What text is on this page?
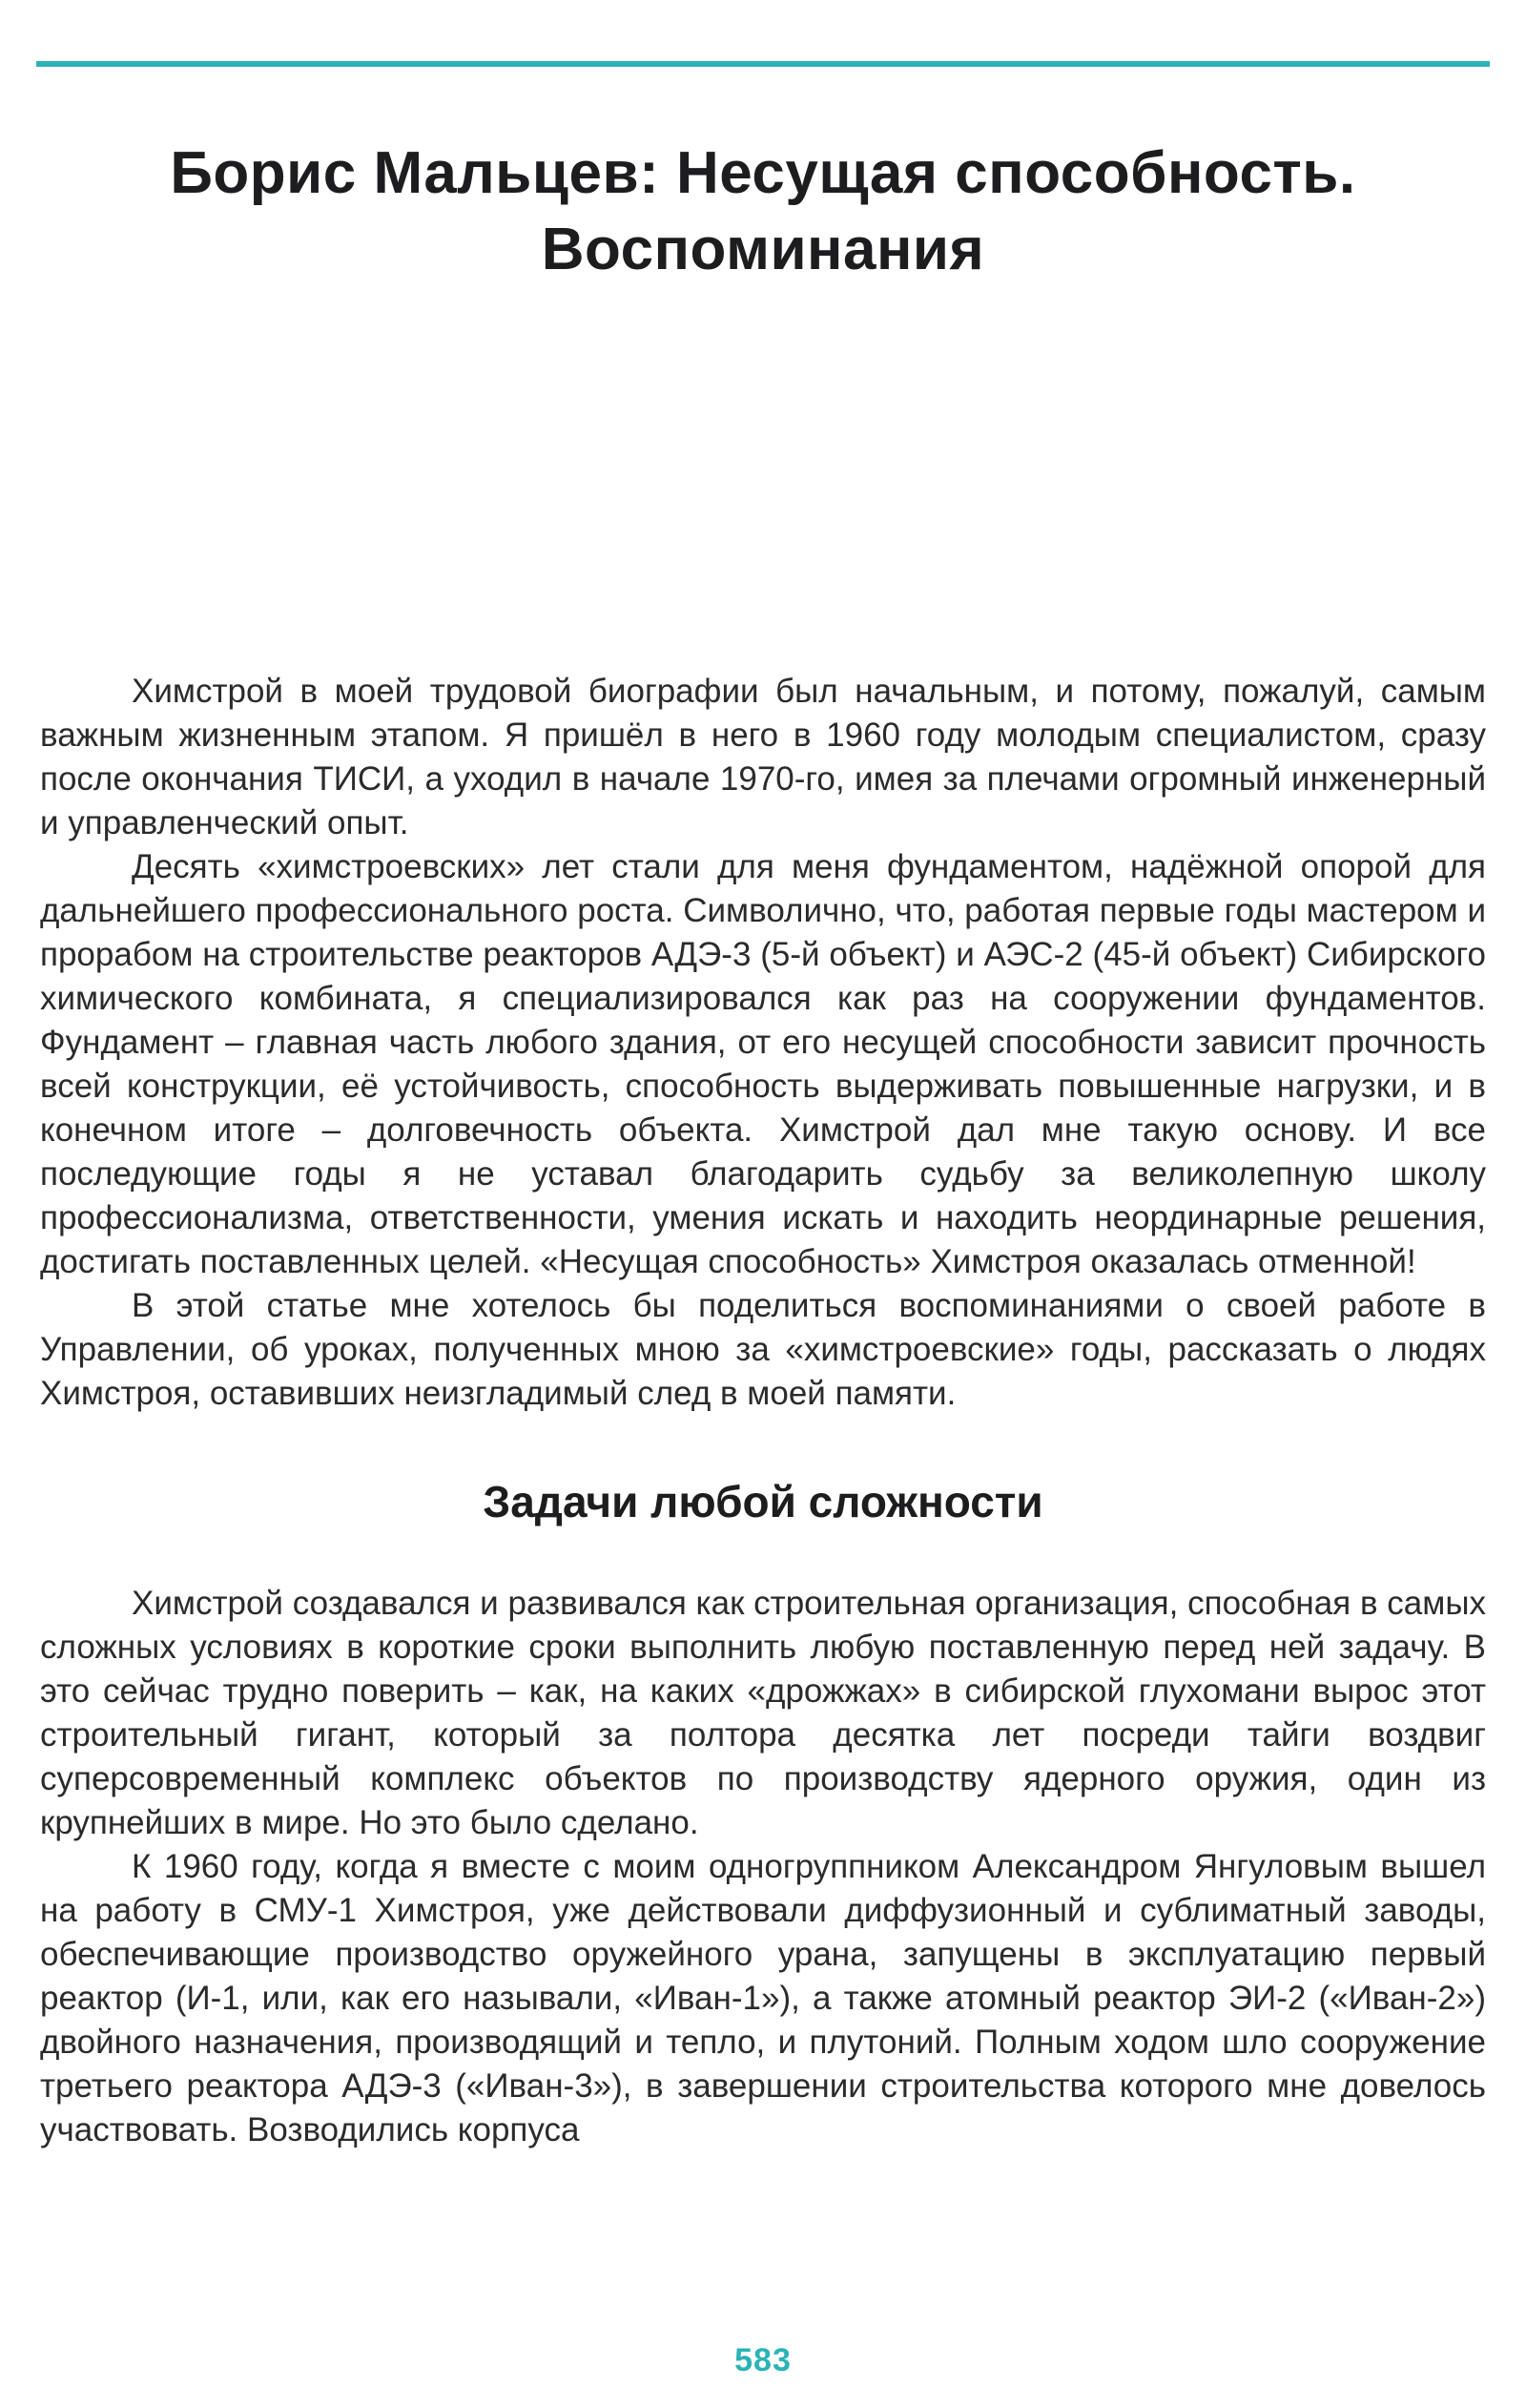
Борис Мальцев: Несущая способность.
Воспоминания

Химстрой в моей трудовой биографии был начальным, и потому, пожалуй, самым важным жизненным этапом. Я пришёл в него в 1960 году молодым специалистом, сразу после окончания ТИСИ, а уходил в начале 1970-го, имея за плечами огромный инженерный и управленческий опыт.

Десять «химстроевских» лет стали для меня фундаментом, надёжной опорой для дальнейшего профессионального роста. Символично, что, работая первые годы мастером и прорабом на строительстве реакторов АДЭ-3 (5-й объект) и АЭС-2 (45-й объект) Сибирского химического комбината, я специализировался как раз на сооружении фундаментов. Фундамент – главная часть любого здания, от его несущей способности зависит прочность всей конструкции, её устойчивость, способность выдерживать повышенные нагрузки, и в конечном итоге – долговечность объекта. Химстрой дал мне такую основу. И все последующие годы я не уставал благодарить судьбу за великолепную школу профессионализма, ответственности, умения искать и находить неординарные решения, достигать поставленных целей. «Несущая способность» Химстроя оказалась отменной!

В этой статье мне хотелось бы поделиться воспоминаниями о своей работе в Управлении, об уроках, полученных мною за «химстроевские» годы, рассказать о людях Химстроя, оставивших неизгладимый след в моей памяти.

Задачи любой сложности

Химстрой создавался и развивался как строительная организация, способная в самых сложных условиях в короткие сроки выполнить любую поставленную перед ней задачу. В это сейчас трудно поверить – как, на каких «дрожжах» в сибирской глухомани вырос этот строительный гигант, который за полтора десятка лет посреди тайги воздвиг суперсовременный комплекс объектов по производству ядерного оружия, один из крупнейших в мире. Но это было сделано.

К 1960 году, когда я вместе с моим одногруппником Александром Янгуловым вышел на работу в СМУ-1 Химстроя, уже действовали диффузионный и сублиматный заводы, обеспечивающие производство оружейного урана, запущены в эксплуатацию первый реактор (И-1, или, как его называли, «Иван-1»), а также атомный реактор ЭИ-2 («Иван-2») двойного назначения, производящий и тепло, и плутоний. Полным ходом шло сооружение третьего реактора АДЭ-3 («Иван-3»), в завершении строительства которого мне довелось участвовать. Возводились корпуса

583
